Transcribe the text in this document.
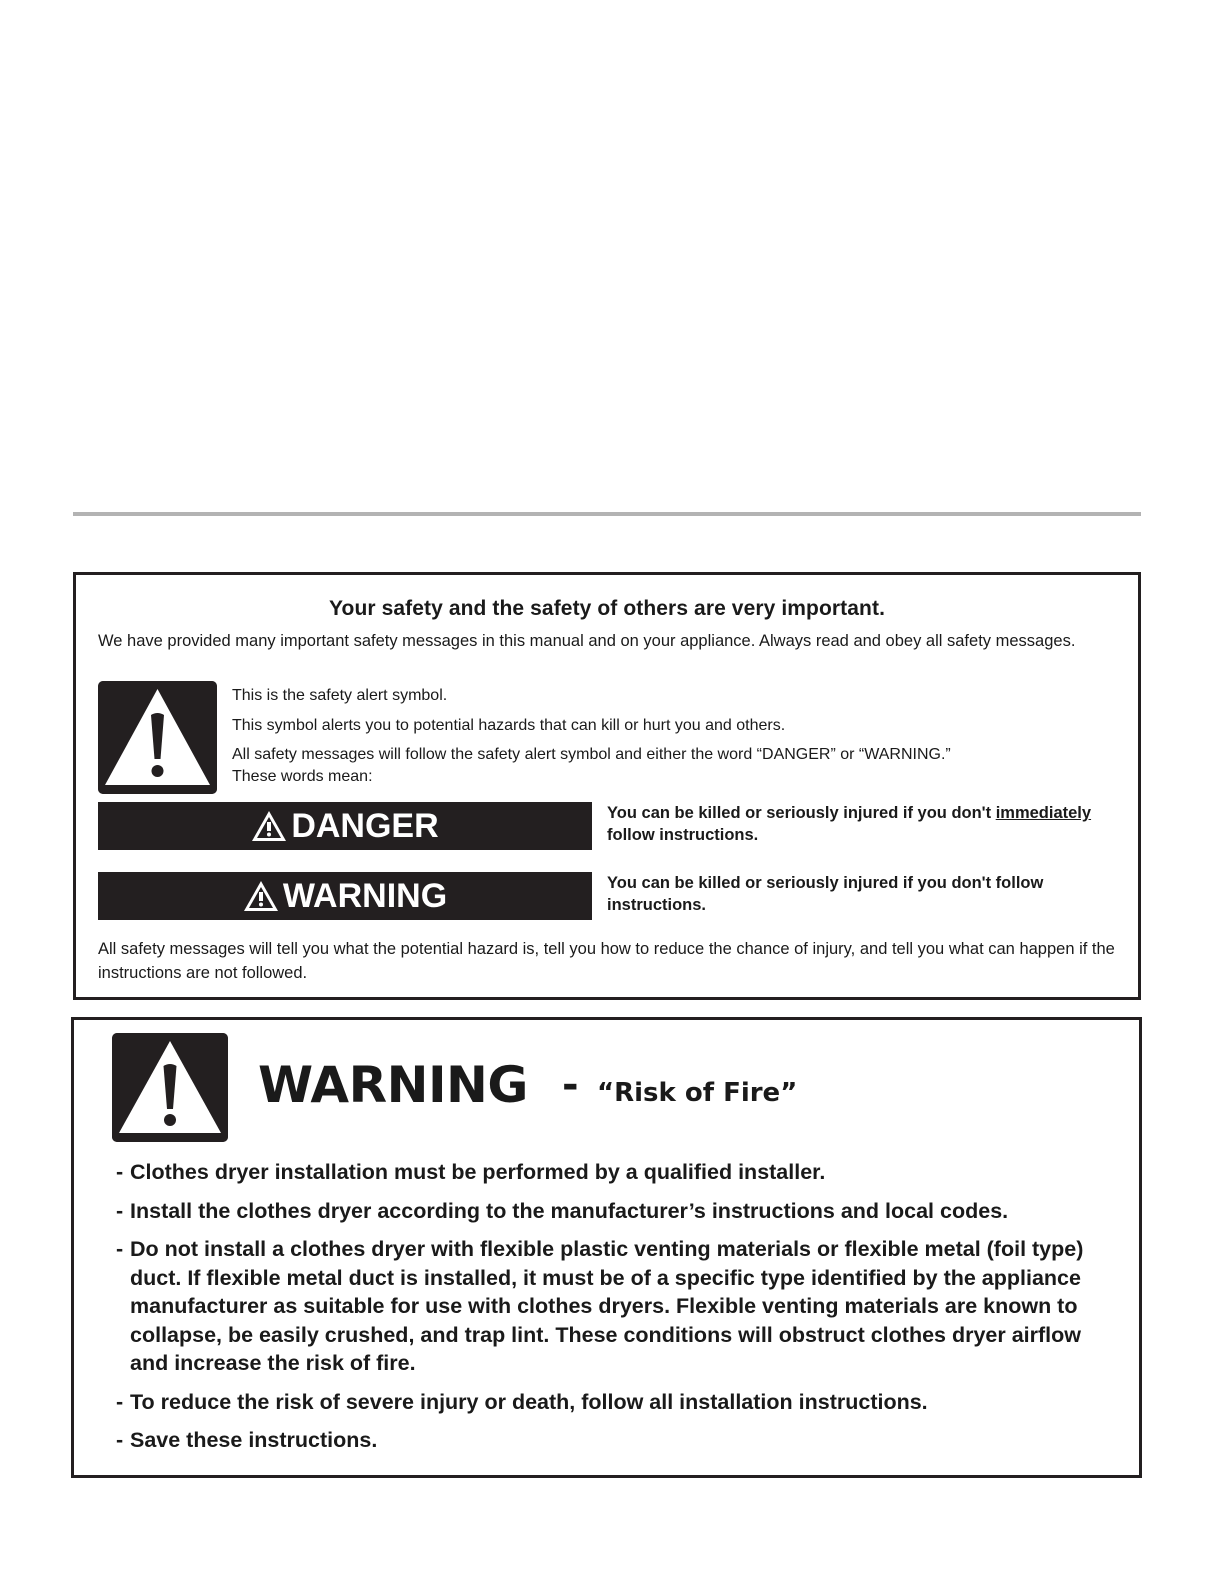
Your safety and the safety of others are very important.
We have provided many important safety messages in this manual and on your appliance. Always read and obey all safety messages.
This is the safety alert symbol.
This symbol alerts you to potential hazards that can kill or hurt you and others.
All safety messages will follow the safety alert symbol and either the word “DANGER” or “WARNING.”
These words mean:
DANGER	You can be killed or seriously injured if you don't immediately follow instructions.
WARNING	You can be killed or seriously injured if you don't follow instructions.
All safety messages will tell you what the potential hazard is, tell you how to reduce the chance of injury, and tell you what can happen if the instructions are not followed.
WARNING - “Risk of Fire”
- Clothes dryer installation must be performed by a qualified installer.
- Install the clothes dryer according to the manufacturer’s instructions and local codes.
- Do not install a clothes dryer with flexible plastic venting materials or flexible metal (foil type) duct. If flexible metal duct is installed, it must be of a specific type identified by the appliance manufacturer as suitable for use with clothes dryers. Flexible venting materials are known to collapse, be easily crushed, and trap lint. These conditions will obstruct clothes dryer airflow and increase the risk of fire.
- To reduce the risk of severe injury or death, follow all installation instructions.
- Save these instructions.
